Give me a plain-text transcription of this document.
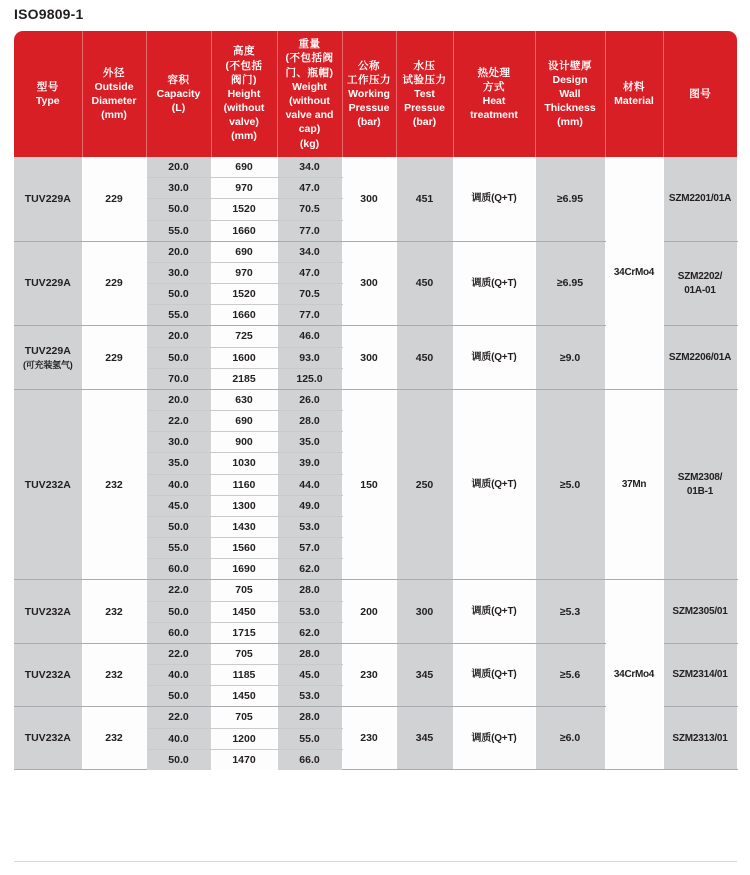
ISO9809-1
型号
Type

外径
Outside
Diameter
(mm)

容积
Capacity
(L)

高度
(不包括
阀门)
Height
(without
valve)
(mm)

重量
(不包括阀
门、瓶帽)
Weight
(without
valve and
cap)
(kg)

公称
工作压力
Working
Pressue
(bar)

水压
试验压力
Test
Pressue
(bar)

热处理
方式
Heat
treatment

设计壁厚
Design
Wall
Thickness
(mm)

材料
Material

图号

TUV229A	229	20.0	690	34.0	300	451	调质(Q+T)	≥6.95	34CrMo4	SZM2201/01A
		30.0	970	47.0						
		50.0	1520	70.5						
		55.0	1660	77.0						
TUV229A	229	20.0	690	34.0	300	450	调质(Q+T)	≥6.95		SZM2202/
01A-01
		30.0	970	47.0						
		50.0	1520	70.5						
		55.0	1660	77.0						
TUV229A
(可充装氢气)	229	20.0	725	46.0	300	450	调质(Q+T)	≥9.0		SZM2206/01A
		50.0	1600	93.0						
		70.0	2185	125.0						
TUV232A	232	20.0	630	26.0	150	250	调质(Q+T)	≥5.0	37Mn	SZM2308/
01B-1
		22.0	690	28.0						
		30.0	900	35.0						
		35.0	1030	39.0						
		40.0	1160	44.0						
		45.0	1300	49.0						
		50.0	1430	53.0						
		55.0	1560	57.0						
		60.0	1690	62.0						
TUV232A	232	22.0	705	28.0	200	300	调质(Q+T)	≥5.3	34CrMo4	SZM2305/01
		50.0	1450	53.0						
		60.0	1715	62.0						
TUV232A	232	22.0	705	28.0	230	345	调质(Q+T)	≥5.6		SZM2314/01
		40.0	1185	45.0						
		50.0	1450	53.0						
TUV232A	232	22.0	705	28.0	230	345	调质(Q+T)	≥6.0		SZM2313/01
		40.0	1200	55.0						
		50.0	1470	66.0						
